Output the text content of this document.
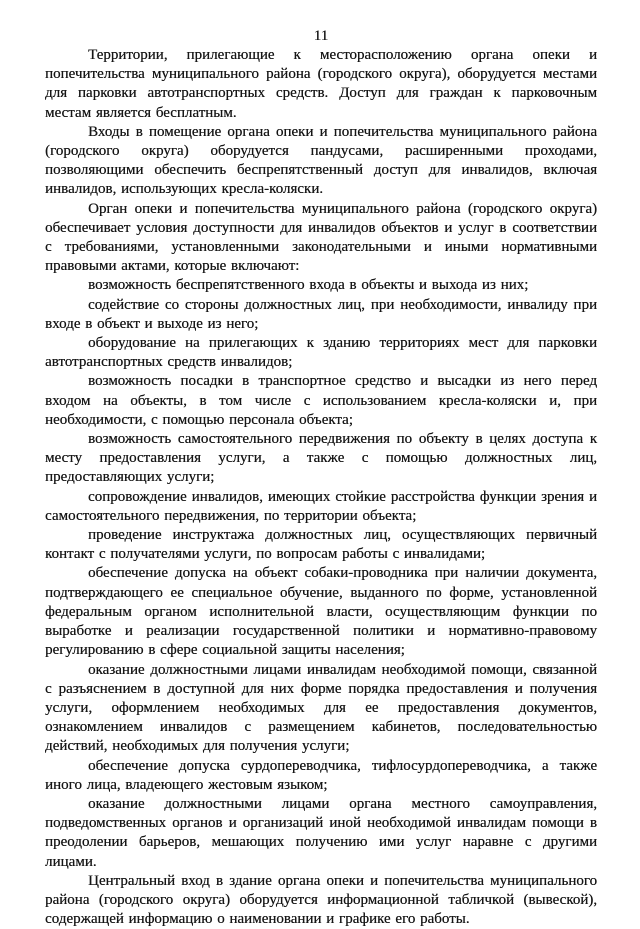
11

Территории, прилегающие к месторасположению органа опеки и попечительства муниципального района (городского округа), оборудуется местами для парковки автотранспортных средств. Доступ для граждан к парковочным местам является бесплатным.

Входы в помещение органа опеки и попечительства муниципального района (городского округа) оборудуется пандусами, расширенными проходами, позволяющими обеспечить беспрепятственный доступ для инвалидов, включая инвалидов, использующих кресла-коляски.

Орган опеки и попечительства муниципального района (городского округа) обеспечивает условия доступности для инвалидов объектов и услуг в соответствии с требованиями, установленными законодательными и иными нормативными правовыми актами, которые включают:

возможность беспрепятственного входа в объекты и выхода из них;

содействие со стороны должностных лиц, при необходимости, инвалиду при входе в объект и выходе из него;

оборудование на прилегающих к зданию территориях мест для парковки автотранспортных средств инвалидов;

возможность посадки в транспортное средство и высадки из него перед входом на объекты, в том числе с использованием кресла-коляски и, при необходимости, с помощью персонала объекта;

возможность самостоятельного передвижения по объекту в целях доступа к месту предоставления услуги, а также с помощью должностных лиц, предоставляющих услуги;

сопровождение инвалидов, имеющих стойкие расстройства функции зрения и самостоятельного передвижения, по территории объекта;

проведение инструктажа должностных лиц, осуществляющих первичный контакт с получателями услуги, по вопросам работы с инвалидами;

обеспечение допуска на объект собаки-проводника при наличии документа, подтверждающего ее специальное обучение, выданного по форме, установленной федеральным органом исполнительной власти, осуществляющим функции по выработке и реализации государственной политики и нормативно-правовому регулированию в сфере социальной защиты населения;

оказание должностными лицами инвалидам необходимой помощи, связанной с разъяснением в доступной для них форме порядка предоставления и получения услуги, оформлением необходимых для ее предоставления документов, ознакомлением инвалидов с размещением кабинетов, последовательностью действий, необходимых для получения услуги;

обеспечение допуска сурдопереводчика, тифлосурдопереводчика, а также иного лица, владеющего жестовым языком;

оказание должностными лицами органа местного самоуправления, подведомственных органов и организаций иной необходимой инвалидам помощи в преодолении барьеров, мешающих получению ими услуг наравне с другими лицами.

Центральный вход в здание органа опеки и попечительства муниципального района (городского округа) оборудуется информационной табличкой (вывеской), содержащей информацию о наименовании и графике его работы.
